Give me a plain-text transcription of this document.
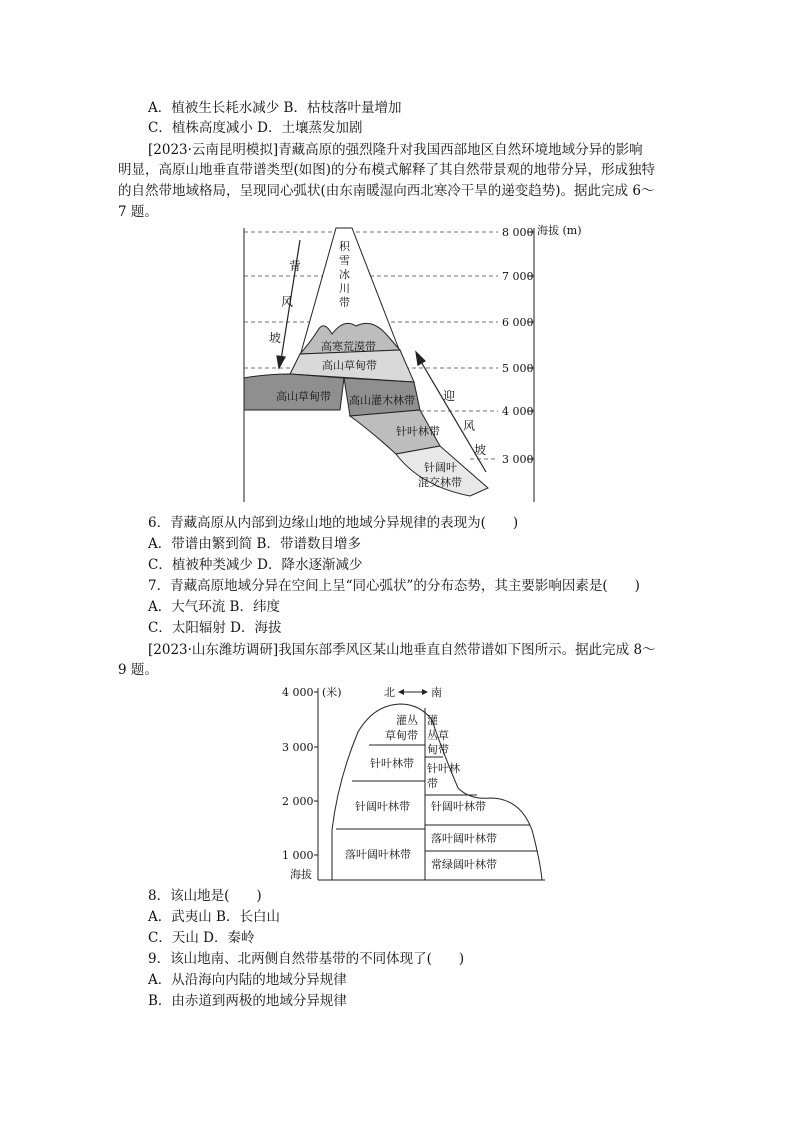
A．植被生长耗水减少 B．枯枝落叶量增加
C．植株高度减小 D．土壤蒸发加剧
[2023·云南昆明模拟]青藏高原的强烈隆升对我国西部地区自然环境地域分异的影响
明显，高原山地垂直带谱类型(如图)的分布模式解释了其自然带景观的地带分异，形成独特
的自然带地域格局，呈现同心弧状(由东南暖湿向西北寒冷干旱的递变趋势)。据此完成 6～
7 题。
8 000
7 000
6 000
5 000
4 000
3 000
海拔 (m)
背
风
坡
迎
风
坡
积
雪
冰
川
带
高寒荒漠带
高山草甸带
高山草甸带 高山灌木林带
针叶林带
针阔叶
混交林带
6．青藏高原从内部到边缘山地的地域分异规律的表现为(　　)
A．带谱由繁到简 B．带谱数目增多
C．植被种类减少 D．降水逐渐减少
7．青藏高原地域分异在空间上呈“同心弧状”的分布态势，其主要影响因素是(　　)
A．大气环流 B．纬度
C．太阳辐射 D．海拔
[2023·山东潍坊调研]我国东部季风区某山地垂直自然带谱如下图所示。据此完成 8～
9 题。
北	南
(米)
4 000
3 000
2 000
1 000
海拔
灌丛
草甸带
针叶林带
针阔叶林带
落叶阔叶林带
灌
丛草
甸带
针叶林
带
针阔叶林带
落叶阔叶林带
常绿阔叶林带
8．该山地是(　　)
A．武夷山 B．长白山
C．天山 D．秦岭
9．该山地南、北两侧自然带基带的不同体现了(　　)
A．从沿海向内陆的地域分异规律
B．由赤道到两极的地域分异规律
